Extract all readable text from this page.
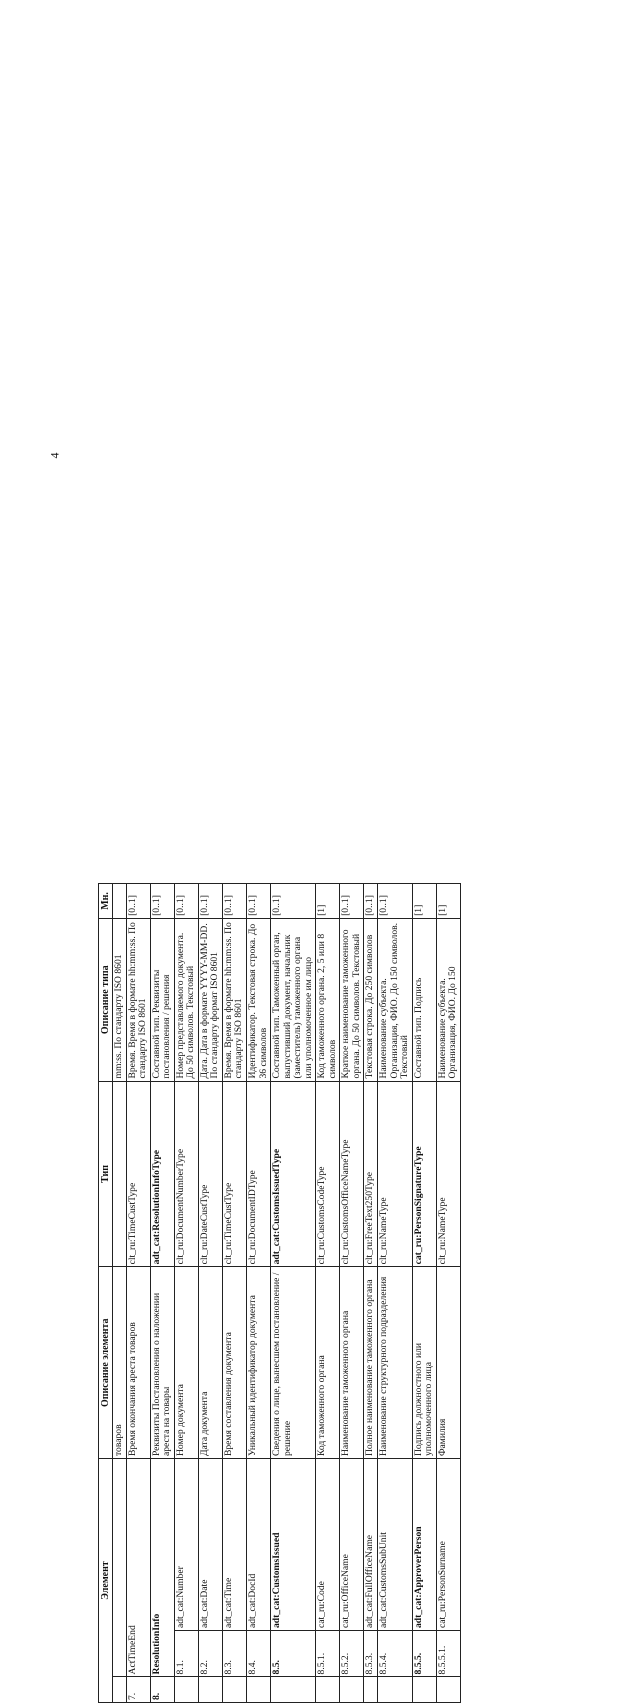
4
Элемент			Описание элемента	Тип	Описание типа	Мн.
			товаров		mm:ss. По стандарту ISO 8601	
7.	ActTimeEnd		Время окончания ареста товаров	clt_ru:TimeCustType	Время. Время в формате hh:mm:ss. По стандарту ISO 8601	[0..1]
8.	ResolutionInfo		Реквизиты Постановления о наложении ареста на товары	adt_cat:ResolutionInfoType	Составной тип. Реквизиты постановления / решения	[0..1]
	8.1.	adt_cat:Number	Номер документа	clt_ru:DocumentNumberType	Номер представляемого документа. До 50 символов. Текстовый	[0..1]
	8.2.	adt_cat:Date	Дата документа	clt_ru:DateCustType	Дата. Дата в формате YYYY-MM-DD. По стандарту формат ISO 8601	[0..1]
	8.3.	adt_cat:Time	Время составления документа	clt_ru:TimeCustType	Время. Время в формате hh:mm:ss. По стандарту ISO 8601	[0..1]
	8.4.	adt_cat:DocId	Уникальный идентификатор документа	clt_ru:DocumentIDType	Идентификатор. Текстовая строка. До 36 символов	[0..1]
	8.5.	adt_cat:CustomsIssued	Сведения о лице, вынесшем постановление / решение	adt_cat:CustomsIssuedType	Составной тип. Таможенный орган, выпустивший документ, начальник (заместитель) таможенного органа или уполномоченное им лицо	[0..1]
	8.5.1.	cat_ru:Code	Код таможенного органа	clt_ru:CustomsCodeType	Код таможенного органа. 2, 5 или 8 символов	[1]
	8.5.2.	cat_ru:OfficeName	Наименование таможенного органа	clt_ru:CustomsOfficeNameType	Краткое наименование таможенного органа. До 50 символов. Текстовый	[0..1]
	8.5.3.	adt_cat:FullOfficeName	Полное наименование таможенного органа	clt_ru:FreeText250Type	Текстовая строка. До 250 символов	[0..1]
	8.5.4.	adt_cat:CustomsSubUnit	Наименование структурного подразделения	clt_ru:NameType	Наименование субъекта. Организация, ФИО. До 150 символов. Текстовый	[0..1]
	8.5.5.	adt_cat:ApproverPerson	Подпись должностного или уполномоченного лица	cat_ru:PersonSignatureType	Составной тип. Подпись	[1]
	8.5.5.1.	cat_ru:PersonSurname	Фамилия	clt_ru:NameType	Наименование субъекта. Организация, ФИО. До 150	[1]
